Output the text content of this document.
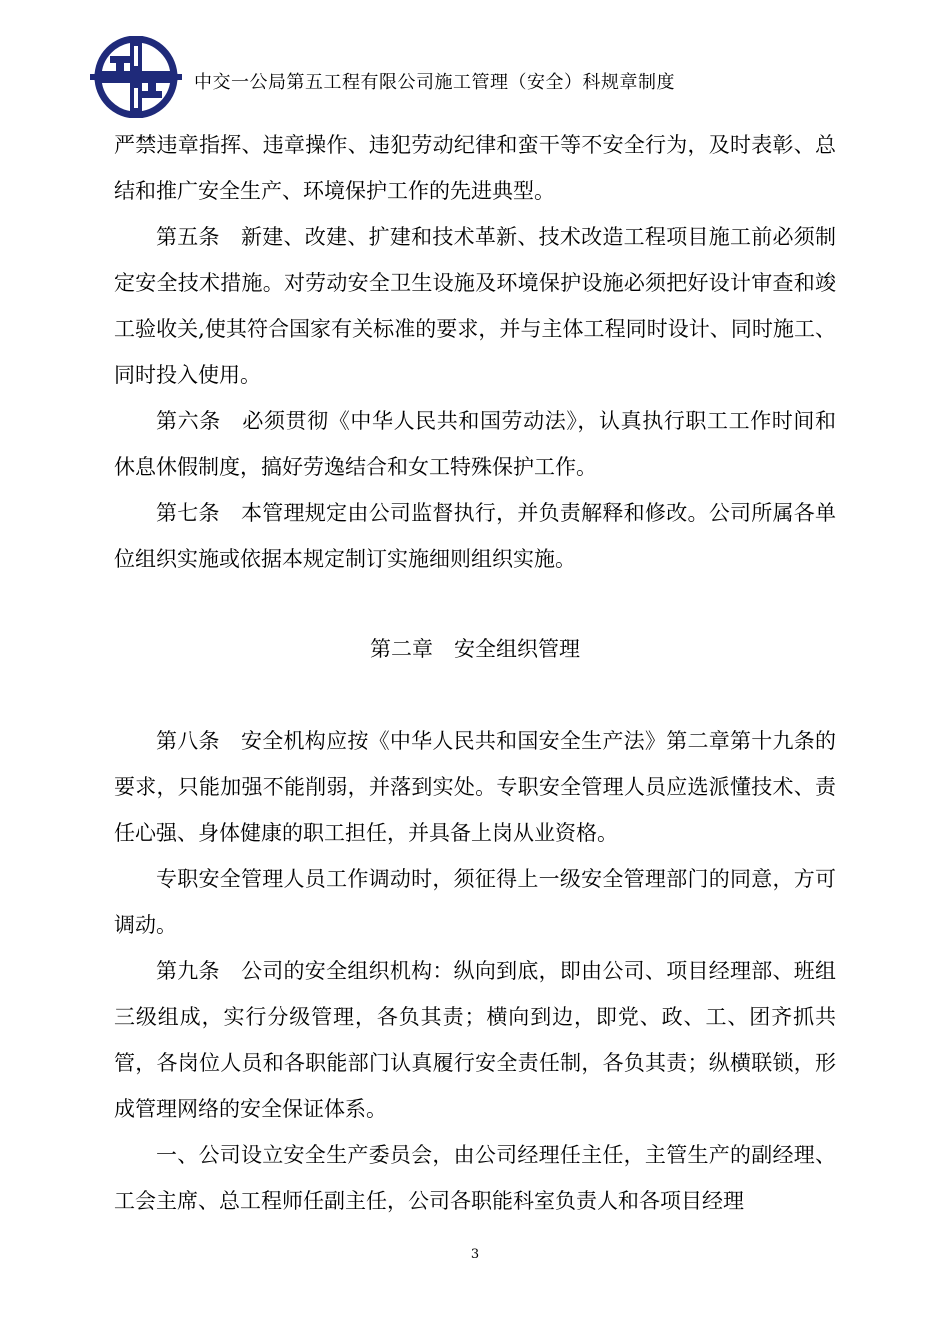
中交一公局第五工程有限公司施工管理（安全）科规章制度

严禁违章指挥、违章操作、违犯劳动纪律和蛮干等不安全行为，及时表彰、总结和推广安全生产、环境保护工作的先进典型。

第五条　新建、改建、扩建和技术革新、技术改造工程项目施工前必须制定安全技术措施。对劳动安全卫生设施及环境保护设施必须把好设计审查和竣工验收关,使其符合国家有关标准的要求，并与主体工程同时设计、同时施工、同时投入使用。

第六条　必须贯彻《中华人民共和国劳动法》，认真执行职工工作时间和休息休假制度，搞好劳逸结合和女工特殊保护工作。

第七条　本管理规定由公司监督执行，并负责解释和修改。公司所属各单位组织实施或依据本规定制订实施细则组织实施。

第二章　安全组织管理

第八条　安全机构应按《中华人民共和国安全生产法》第二章第十九条的要求，只能加强不能削弱，并落到实处。专职安全管理人员应选派懂技术、责任心强、身体健康的职工担任，并具备上岗从业资格。

专职安全管理人员工作调动时，须征得上一级安全管理部门的同意，方可调动。

第九条　公司的安全组织机构：纵向到底，即由公司、项目经理部、班组三级组成，实行分级管理，各负其责；横向到边，即党、政、工、团齐抓共管，各岗位人员和各职能部门认真履行安全责任制，各负其责；纵横联锁，形成管理网络的安全保证体系。

一、公司设立安全生产委员会，由公司经理任主任，主管生产的副经理、工会主席、总工程师任副主任，公司各职能科室负责人和各项目经理

3
